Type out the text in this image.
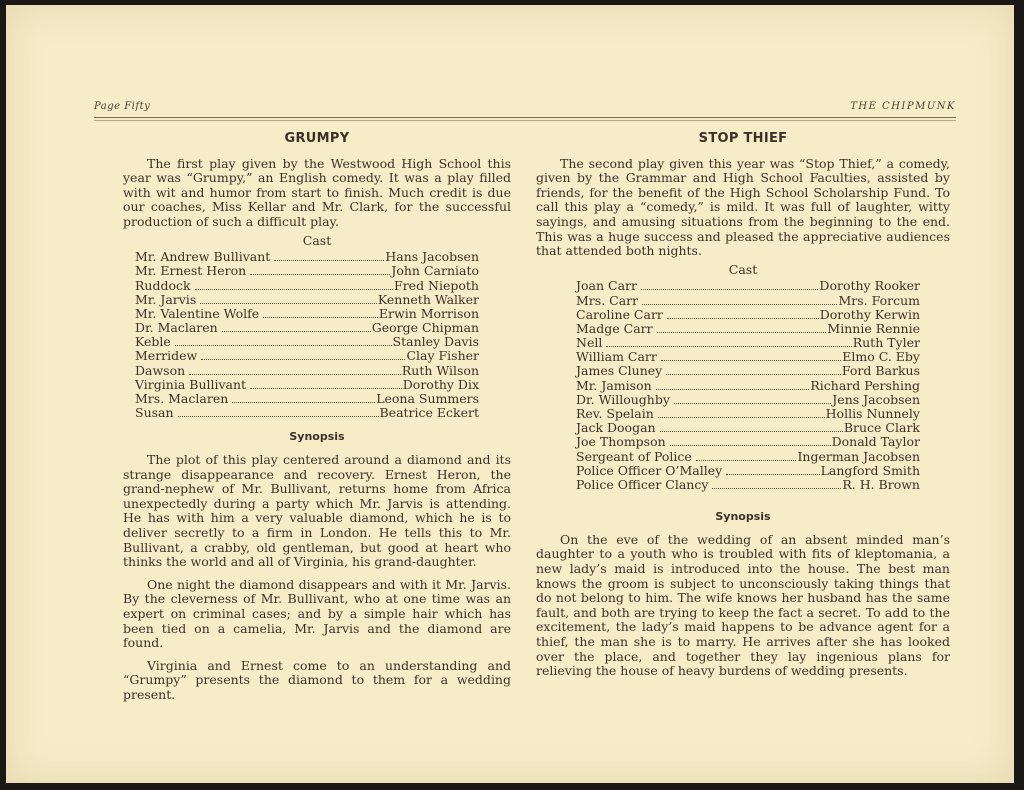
Page Fifty	THE CHIPMUNK
GRUMPY

The first play given by the Westwood High School this year was “Grumpy,” an English comedy. It was a play filled with wit and humor from start to finish. Much credit is due our coaches, Miss Kellar and Mr. Clark, for the successful production of such a difficult play.

Cast
Mr. Andrew Bullivant	Hans Jacobsen
Mr. Ernest Heron	John Carniato
Ruddock	Fred Niepoth
Mr. Jarvis	Kenneth Walker
Mr. Valentine Wolfe	Erwin Morrison
Dr. Maclaren	George Chipman
Keble	Stanley Davis
Merridew	Clay Fisher
Dawson	Ruth Wilson
Virginia Bullivant	Dorothy Dix
Mrs. Maclaren	Leona Summers
Susan	Beatrice Eckert
Synopsis

The plot of this play centered around a diamond and its strange disappearance and recovery. Ernest Heron, the grand-nephew of Mr. Bullivant, returns home from Africa unexpectedly during a party which Mr. Jarvis is attending. He has with him a very valuable diamond, which he is to deliver secretly to a firm in London. He tells this to Mr. Bullivant, a crabby, old gentleman, but good at heart who thinks the world and all of Virginia, his grand-daughter.

One night the diamond disappears and with it Mr. Jarvis. By the cleverness of Mr. Bullivant, who at one time was an expert on criminal cases; and by a simple hair which has been tied on a camelia, Mr. Jarvis and the diamond are found.

Virginia and Ernest come to an understanding and “Grumpy” presents the diamond to them for a wedding present.

STOP THIEF

The second play given this year was “Stop Thief,” a comedy, given by the Grammar and High School Faculties, assisted by friends, for the benefit of the High School Scholarship Fund. To call this play a “comedy,” is mild. It was full of laughter, witty sayings, and amusing situations from the beginning to the end. This was a huge success and pleased the appreciative audiences that attended both nights.

Cast
Joan Carr	Dorothy Rooker
Mrs. Carr	Mrs. Forcum
Caroline Carr	Dorothy Kerwin
Madge Carr	Minnie Rennie
Nell	Ruth Tyler
William Carr	Elmo C. Eby
James Cluney	Ford Barkus
Mr. Jamison	Richard Pershing
Dr. Willoughby	Jens Jacobsen
Rev. Spelain	Hollis Nunnely
Jack Doogan	Bruce Clark
Joe Thompson	Donald Taylor
Sergeant of Police	Ingerman Jacobsen
Police Officer O’Malley	Langford Smith
Police Officer Clancy	R. H. Brown
Synopsis

On the eve of the wedding of an absent minded man’s daughter to a youth who is troubled with fits of kleptomania, a new lady’s maid is introduced into the house. The best man knows the groom is subject to unconsciously taking things that do not belong to him. The wife knows her husband has the same fault, and both are trying to keep the fact a secret. To add to the excitement, the lady’s maid happens to be advance agent for a thief, the man she is to marry. He arrives after she has looked over the place, and together they lay ingenious plans for relieving the house of heavy burdens of wedding presents.
